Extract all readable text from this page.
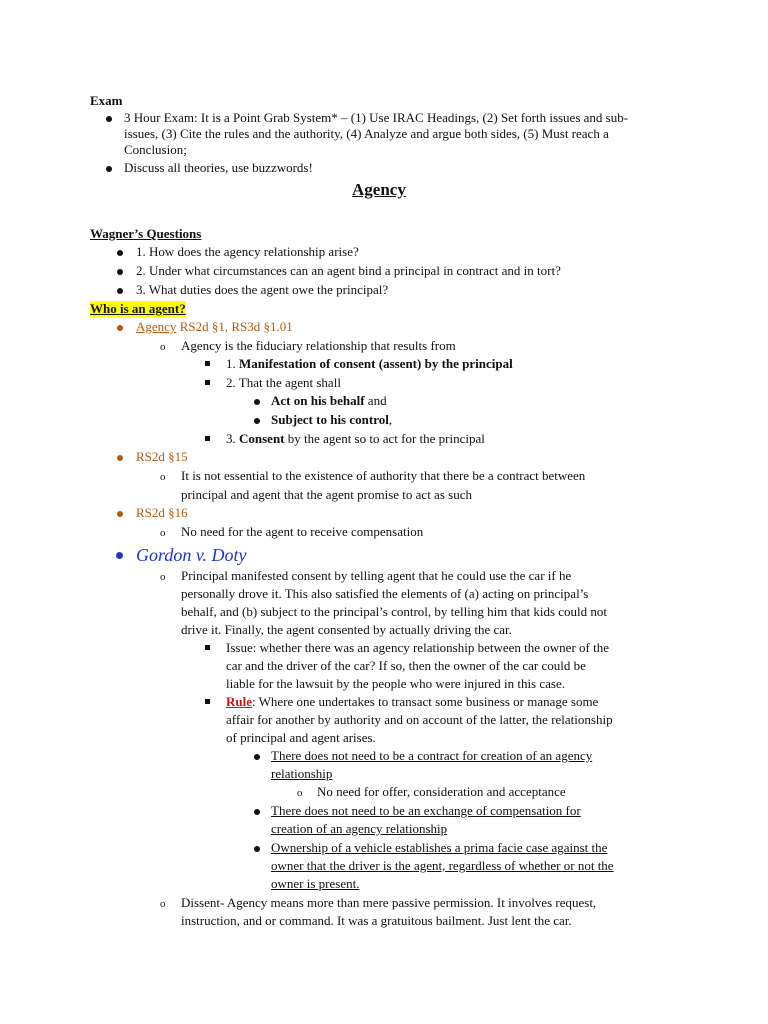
Exam
3 Hour Exam: It is a Point Grab System* – (1) Use IRAC Headings, (2) Set forth issues and sub-
issues, (3) Cite the rules and the authority, (4) Analyze and argue both sides, (5) Must reach a
Conclusion;
Discuss all theories, use buzzwords!
Agency
Wagner’s Questions
1. How does the agency relationship arise?
2. Under what circumstances can an agent bind a principal in contract and in tort?
3. What duties does the agent owe the principal?
Who is an agent?
Agency RS2d §1, RS3d §1.01
o Agency is the fiduciary relationship that results from
1. Manifestation of consent (assent) by the principal
2. That the agent shall
Act on his behalf and
Subject to his control,
3. Consent by the agent so to act for the principal
RS2d §15
o It is not essential to the existence of authority that there be a contract between
principal and agent that the agent promise to act as such
RS2d §16
o No need for the agent to receive compensation
Gordon v. Doty
o Principal manifested consent by telling agent that he could use the car if he
personally drove it. This also satisfied the elements of (a) acting on principal’s
behalf, and (b) subject to the principal’s control, by telling him that kids could not
drive it. Finally, the agent consented by actually driving the car.
Issue: whether there was an agency relationship between the owner of the
car and the driver of the car? If so, then the owner of the car could be
liable for the lawsuit by the people who were injured in this case.
Rule: Where one undertakes to transact some business or manage some
affair for another by authority and on account of the latter, the relationship
of principal and agent arises.
There does not need to be a contract for creation of an agency
relationship
o No need for offer, consideration and acceptance
There does not need to be an exchange of compensation for
creation of an agency relationship
Ownership of a vehicle establishes a prima facie case against the
owner that the driver is the agent, regardless of whether or not the
owner is present.
o Dissent- Agency means more than mere passive permission. It involves request,
instruction, and or command. It was a gratuitous bailment. Just lent the car.
